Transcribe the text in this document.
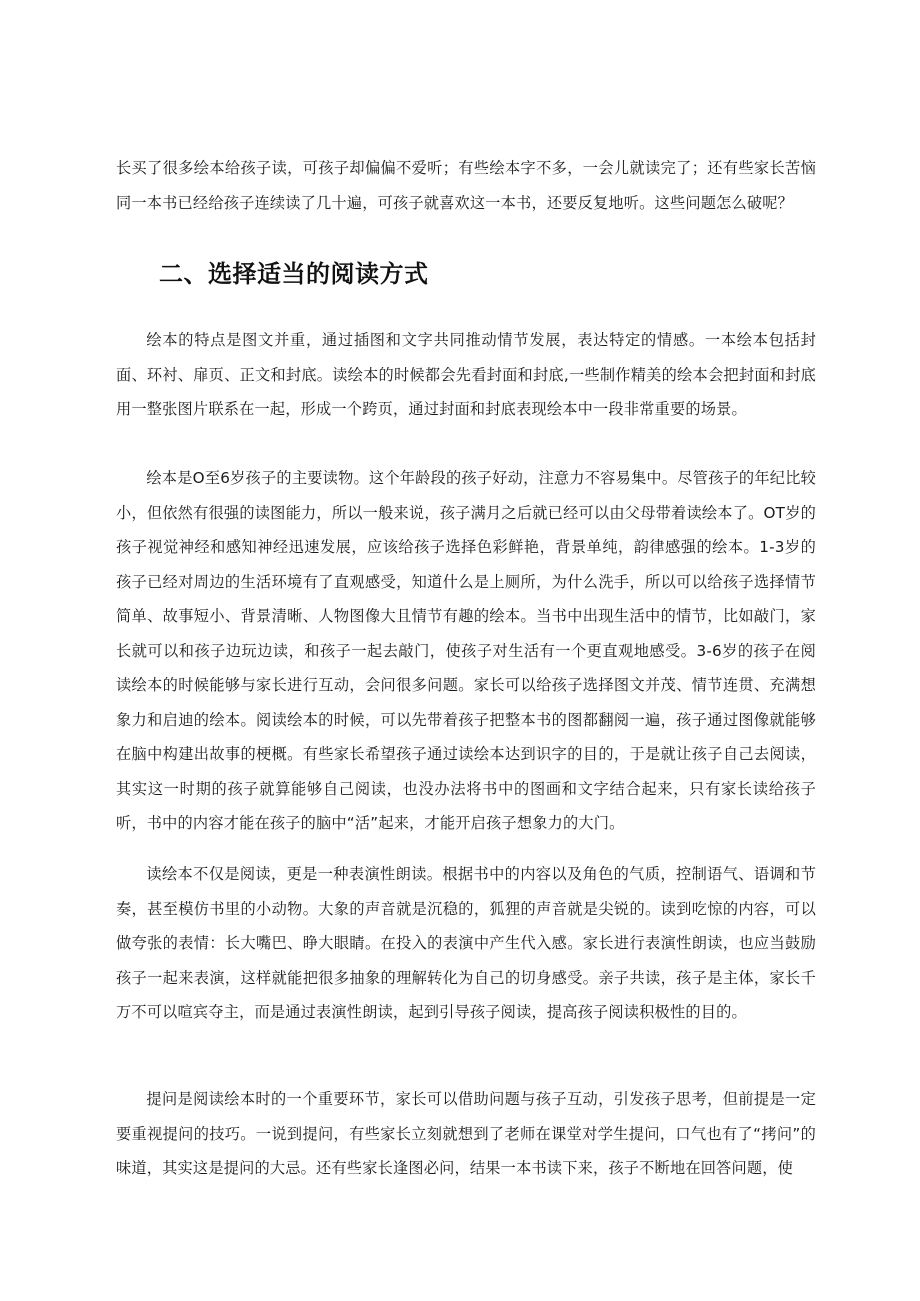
长买了很多绘本给孩子读，可孩子却偏偏不爱听；有些绘本字不多，一会儿就读完了；还有些家长苦恼同一本书已经给孩子连续读了几十遍，可孩子就喜欢这一本书，还要反复地听。这些问题怎么破呢？

二、选择适当的阅读方式

绘本的特点是图文并重，通过插图和文字共同推动情节发展，表达特定的情感。一本绘本包括封面、环衬、扉页、正文和封底。读绘本的时候都会先看封面和封底,一些制作精美的绘本会把封面和封底用一整张图片联系在一起，形成一个跨页，通过封面和封底表现绘本中一段非常重要的场景。

绘本是O至6岁孩子的主要读物。这个年龄段的孩子好动，注意力不容易集中。尽管孩子的年纪比较小，但依然有很强的读图能力，所以一般来说，孩子满月之后就已经可以由父母带着读绘本了。OT岁的孩子视觉神经和感知神经迅速发展，应该给孩子选择色彩鲜艳，背景单纯，韵律感强的绘本。1-3岁的孩子已经对周边的生活环境有了直观感受，知道什么是上厕所，为什么洗手，所以可以给孩子选择情节简单、故事短小、背景清晰、人物图像大且情节有趣的绘本。当书中出现生活中的情节，比如敲门，家长就可以和孩子边玩边读，和孩子一起去敲门，使孩子对生活有一个更直观地感受。3-6岁的孩子在阅读绘本的时候能够与家长进行互动，会问很多问题。家长可以给孩子选择图文并茂、情节连贯、充满想象力和启迪的绘本。阅读绘本的时候，可以先带着孩子把整本书的图都翻阅一遍，孩子通过图像就能够在脑中构建出故事的梗概。有些家长希望孩子通过读绘本达到识字的目的，于是就让孩子自己去阅读，其实这一时期的孩子就算能够自己阅读，也没办法将书中的图画和文字结合起来，只有家长读给孩子听，书中的内容才能在孩子的脑中“活”起来，才能开启孩子想象力的大门。

读绘本不仅是阅读，更是一种表演性朗读。根据书中的内容以及角色的气质，控制语气、语调和节奏，甚至模仿书里的小动物。大象的声音就是沉稳的，狐狸的声音就是尖锐的。读到吃惊的内容，可以做夸张的表情：长大嘴巴、睁大眼睛。在投入的表演中产生代入感。家长进行表演性朗读，也应当鼓励孩子一起来表演，这样就能把很多抽象的理解转化为自己的切身感受。亲子共读，孩子是主体，家长千万不可以喧宾夺主，而是通过表演性朗读，起到引导孩子阅读，提高孩子阅读积极性的目的。

提问是阅读绘本时的一个重要环节，家长可以借助问题与孩子互动，引发孩子思考，但前提是一定要重视提问的技巧。一说到提问，有些家长立刻就想到了老师在课堂对学生提问，口气也有了“拷问”的味道，其实这是提问的大忌。还有些家长逢图必问，结果一本书读下来，孩子不断地在回答问题，使
